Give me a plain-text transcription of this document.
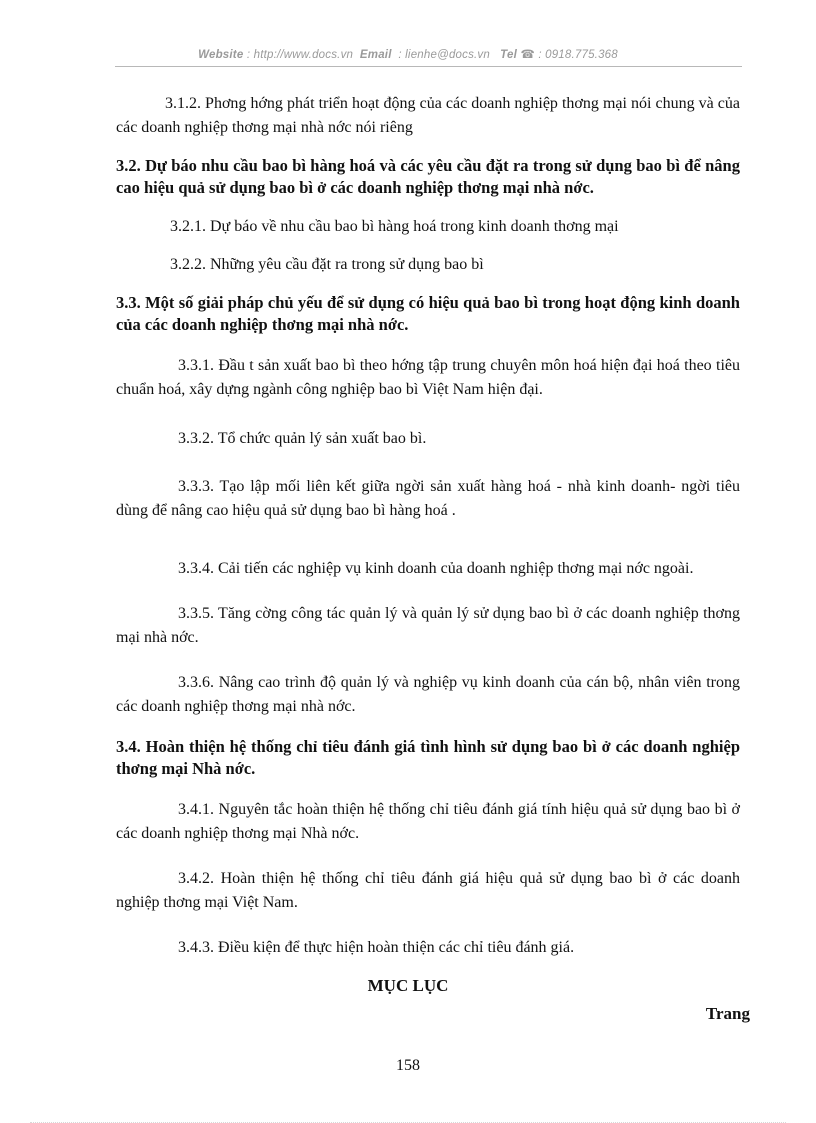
Website : http://www.docs.vn Email : lienhe@docs.vn Tel ☎ : 0918.775.368

3.1.2. Phơng hớng phát triển hoạt động của các doanh nghiệp thơng mại nói chung và của các doanh nghiệp thơng mại nhà nớc nói riêng

3.2. Dự báo nhu cầu bao bì hàng hoá và các yêu cầu đặt ra trong sử dụng bao bì để nâng cao hiệu quả sử dụng bao bì ở các doanh nghiệp thơng mại nhà nớc.

3.2.1. Dự báo về nhu cầu bao bì hàng hoá trong kinh doanh thơng mại

3.2.2. Những yêu cầu đặt ra trong sử dụng bao bì

3.3. Một số giải pháp chủ yếu để sử dụng có hiệu quả bao bì trong hoạt động kinh doanh của các doanh nghiệp thơng mại nhà nớc.

3.3.1. Đầu t sản xuất bao bì theo hớng tập trung chuyên môn hoá hiện đại hoá theo tiêu chuẩn hoá, xây dựng ngành công nghiệp bao bì Việt Nam hiện đại.

3.3.2. Tổ chức quản lý sản xuất bao bì.

3.3.3. Tạo lập mối liên kết giữa ngời sản xuất hàng hoá - nhà kinh doanh- ngời tiêu dùng để nâng cao hiệu quả sử dụng bao bì hàng hoá .

3.3.4. Cải tiến các nghiệp vụ kinh doanh của doanh nghiệp thơng mại nớc ngoài.

3.3.5. Tăng cờng công tác quản lý và quản lý sử dụng bao bì ở các doanh nghiệp thơng mại nhà nớc.

3.3.6. Nâng cao trình độ quản lý và nghiệp vụ kinh doanh của cán bộ, nhân viên trong các doanh nghiệp thơng mại nhà nớc.

3.4. Hoàn thiện hệ thống chỉ tiêu đánh giá tình hình sử dụng bao bì ở các doanh nghiệp thơng mại Nhà nớc.

3.4.1. Nguyên tắc hoàn thiện hệ thống chỉ tiêu đánh giá tính hiệu quả sử dụng bao bì ở các doanh nghiệp thơng mại Nhà nớc.

3.4.2. Hoàn thiện hệ thống chỉ tiêu đánh giá hiệu quả sử dụng bao bì ở các doanh nghiệp thơng mại Việt Nam.

3.4.3. Điều kiện để thực hiện hoàn thiện các chỉ tiêu đánh giá.

MỤC LỤC
Trang
158
